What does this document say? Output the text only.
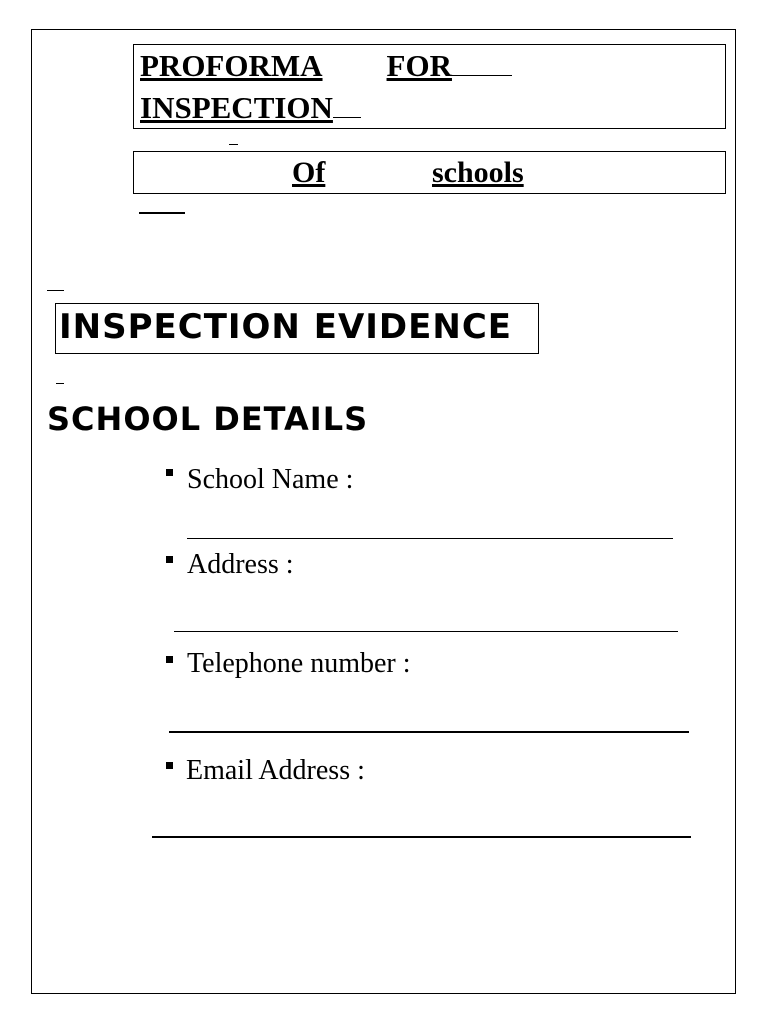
PROFORMA FOR
INSPECTION
Of	schools
INSPECTION EVIDENCE
SCHOOL DETAILS
School Name :
Address :
Telephone number :
Email Address :
